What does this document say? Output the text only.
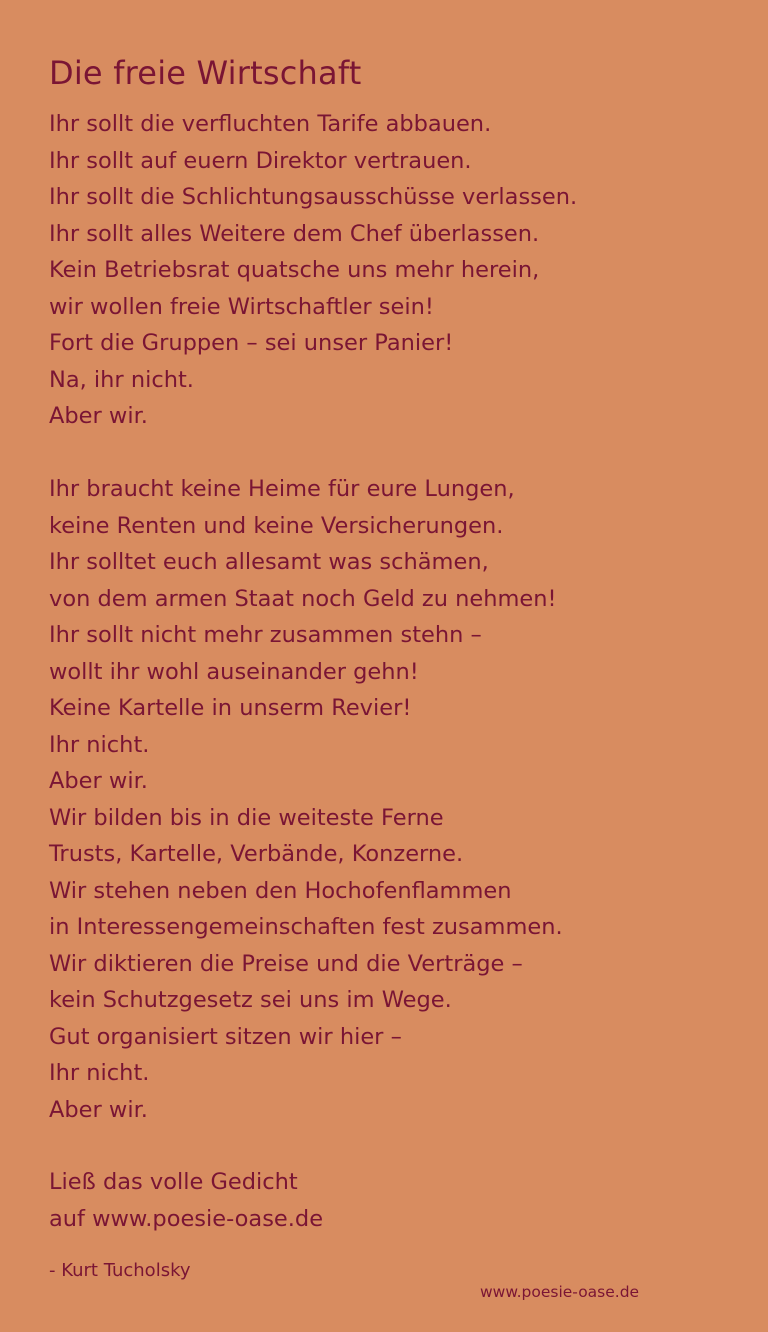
Die freie Wirtschaft
Ihr sollt die verfluchten Tarife abbauen.
Ihr sollt auf euern Direktor vertrauen.
Ihr sollt die Schlichtungsausschüsse verlassen.
Ihr sollt alles Weitere dem Chef überlassen.
Kein Betriebsrat quatsche uns mehr herein,
wir wollen freie Wirtschaftler sein!
Fort die Gruppen – sei unser Panier!
Na, ihr nicht.
Aber wir.
Ihr braucht keine Heime für eure Lungen,
keine Renten und keine Versicherungen.
Ihr solltet euch allesamt was schämen,
von dem armen Staat noch Geld zu nehmen!
Ihr sollt nicht mehr zusammen stehn –
wollt ihr wohl auseinander gehn!
Keine Kartelle in unserm Revier!
Ihr nicht.
Aber wir.
Wir bilden bis in die weiteste Ferne
Trusts, Kartelle, Verbände, Konzerne.
Wir stehen neben den Hochofenflammen
in Interessengemeinschaften fest zusammen.
Wir diktieren die Preise und die Verträge –
kein Schutzgesetz sei uns im Wege.
Gut organisiert sitzen wir hier –
Ihr nicht.
Aber wir.
Ließ das volle Gedicht
auf www.poesie-oase.de
- Kurt Tucholsky
www.poesie-oase.de
